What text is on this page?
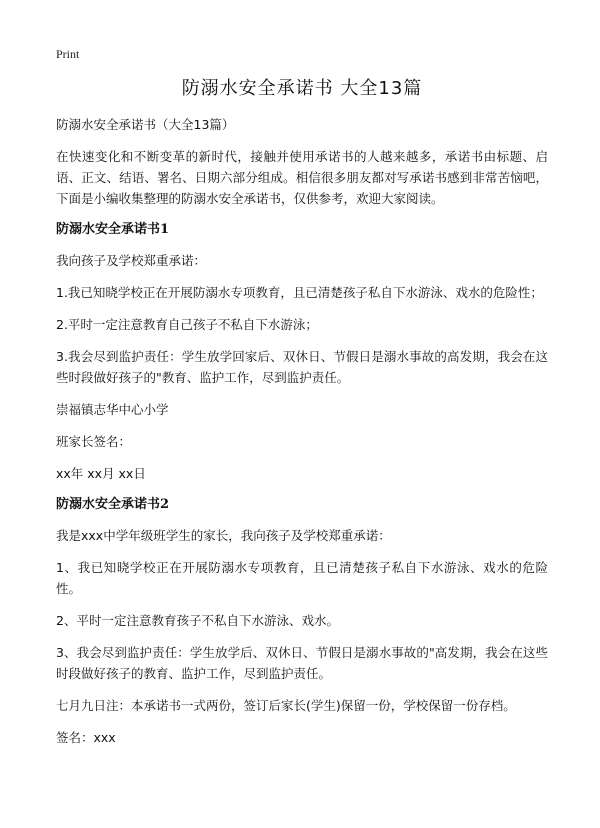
Print
防溺水安全承诺书 大全13篇

防溺水安全承诺书（大全13篇）

在快速变化和不断变革的新时代，接触并使用承诺书的人越来越多，承诺书由标题、启语、正文、结语、署名、日期六部分组成。相信很多朋友都对写承诺书感到非常苦恼吧，下面是小编收集整理的防溺水安全承诺书，仅供参考，欢迎大家阅读。

防溺水安全承诺书1

我向孩子及学校郑重承诺：

1.我已知晓学校正在开展防溺水专项教育，且已清楚孩子私自下水游泳、戏水的危险性；

2.平时一定注意教育自己孩子不私自下水游泳；

3.我会尽到监护责任：学生放学回家后、双休日、节假日是溺水事故的高发期，我会在这些时段做好孩子的"教育、监护工作，尽到监护责任。

崇福镇志华中心小学

班家长签名：

xx年 xx月 xx日

防溺水安全承诺书2

我是xxx中学年级班学生的家长，我向孩子及学校郑重承诺：

1、我已知晓学校正在开展防溺水专项教育，且已清楚孩子私自下水游泳、戏水的危险性。

2、平时一定注意教育孩子不私自下水游泳、戏水。

3、我会尽到监护责任：学生放学后、双休日、节假日是溺水事故的"高发期，我会在这些时段做好孩子的教育、监护工作，尽到监护责任。

七月九日注：本承诺书一式两份，签订后家长(学生)保留一份，学校保留一份存档。

签名：xxx
